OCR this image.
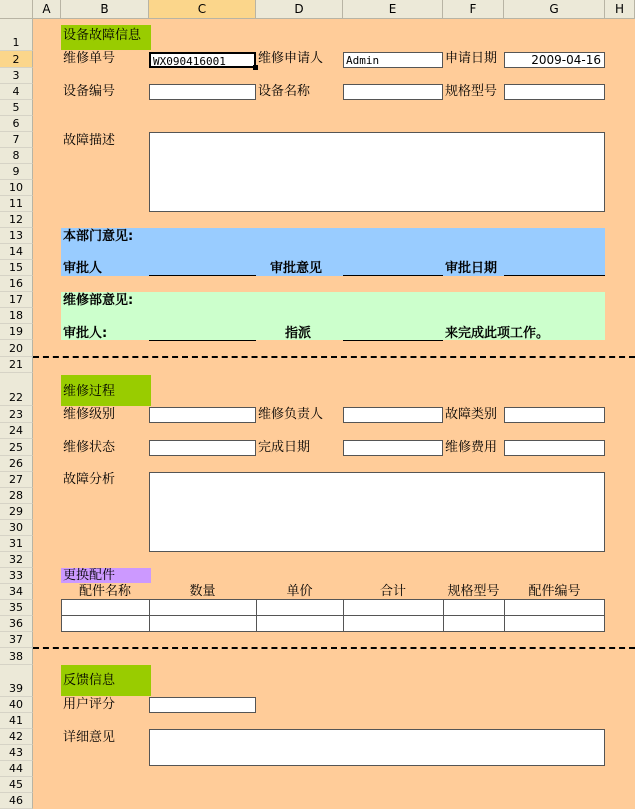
A	B	C	D	E	F	G	H
1
2
3
4
5
6
7
8
9
10
11
12
13
14
15
16
17
18
19
20
21
22
23
24
25
26
27
28
29
30
31
32
33
34
35
36
37
38
39
40
41
42
43
44
45
46
设备故障信息
维修单号	WX090416001	维修申请人 Admin	申请日期	2009-04-16
设备编号	设备名称	规格型号
故障描述
本部门意见:
审批人	审批意见	审批日期
维修部意见:
审批人:	指派	来完成此项工作。
维修过程
维修级别	维修负责人	故障类别
维修状态	完成日期	维修费用
故障分析
更换配件
配件名称	数量	单价	合计	规格型号	配件编号
反馈信息
用户评分
详细意见
